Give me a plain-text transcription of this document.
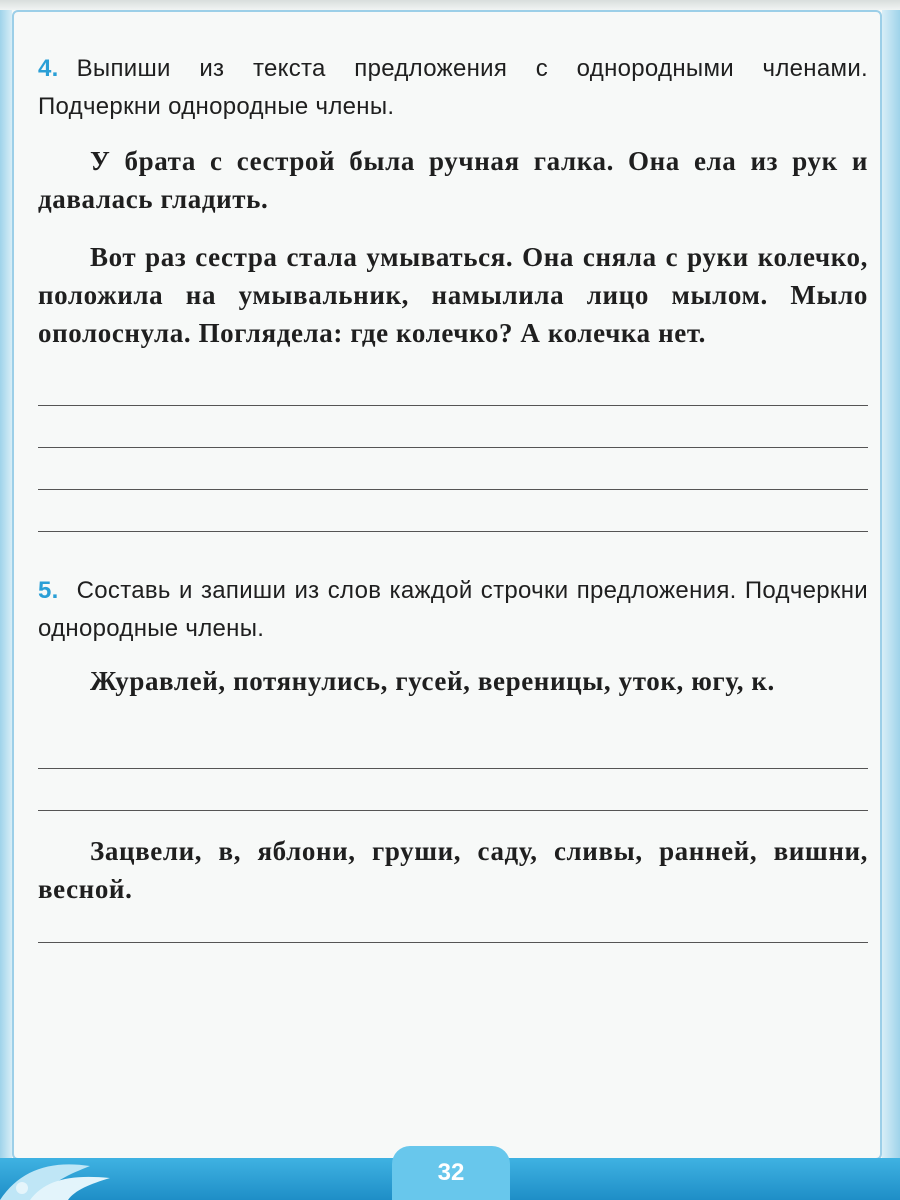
4. Выпиши из текста предложения с однородными членами. Подчеркни однородные члены.

У брата с сестрой была ручная галка. Она ела из рук и давалась гладить.

Вот раз сестра стала умываться. Она сняла с руки колечко, положила на умывальник, намылила лицо мылом. Мыло ополоснула. Поглядела: где колечко? А колечка нет.

5. Составь и запиши из слов каждой строчки предложения. Подчеркни однородные члены.

Журавлей, потянулись, гусей, вереницы, уток, югу, к.

Зацвели, в, яблони, груши, саду, сливы, ранней, вишни, весной.

32
